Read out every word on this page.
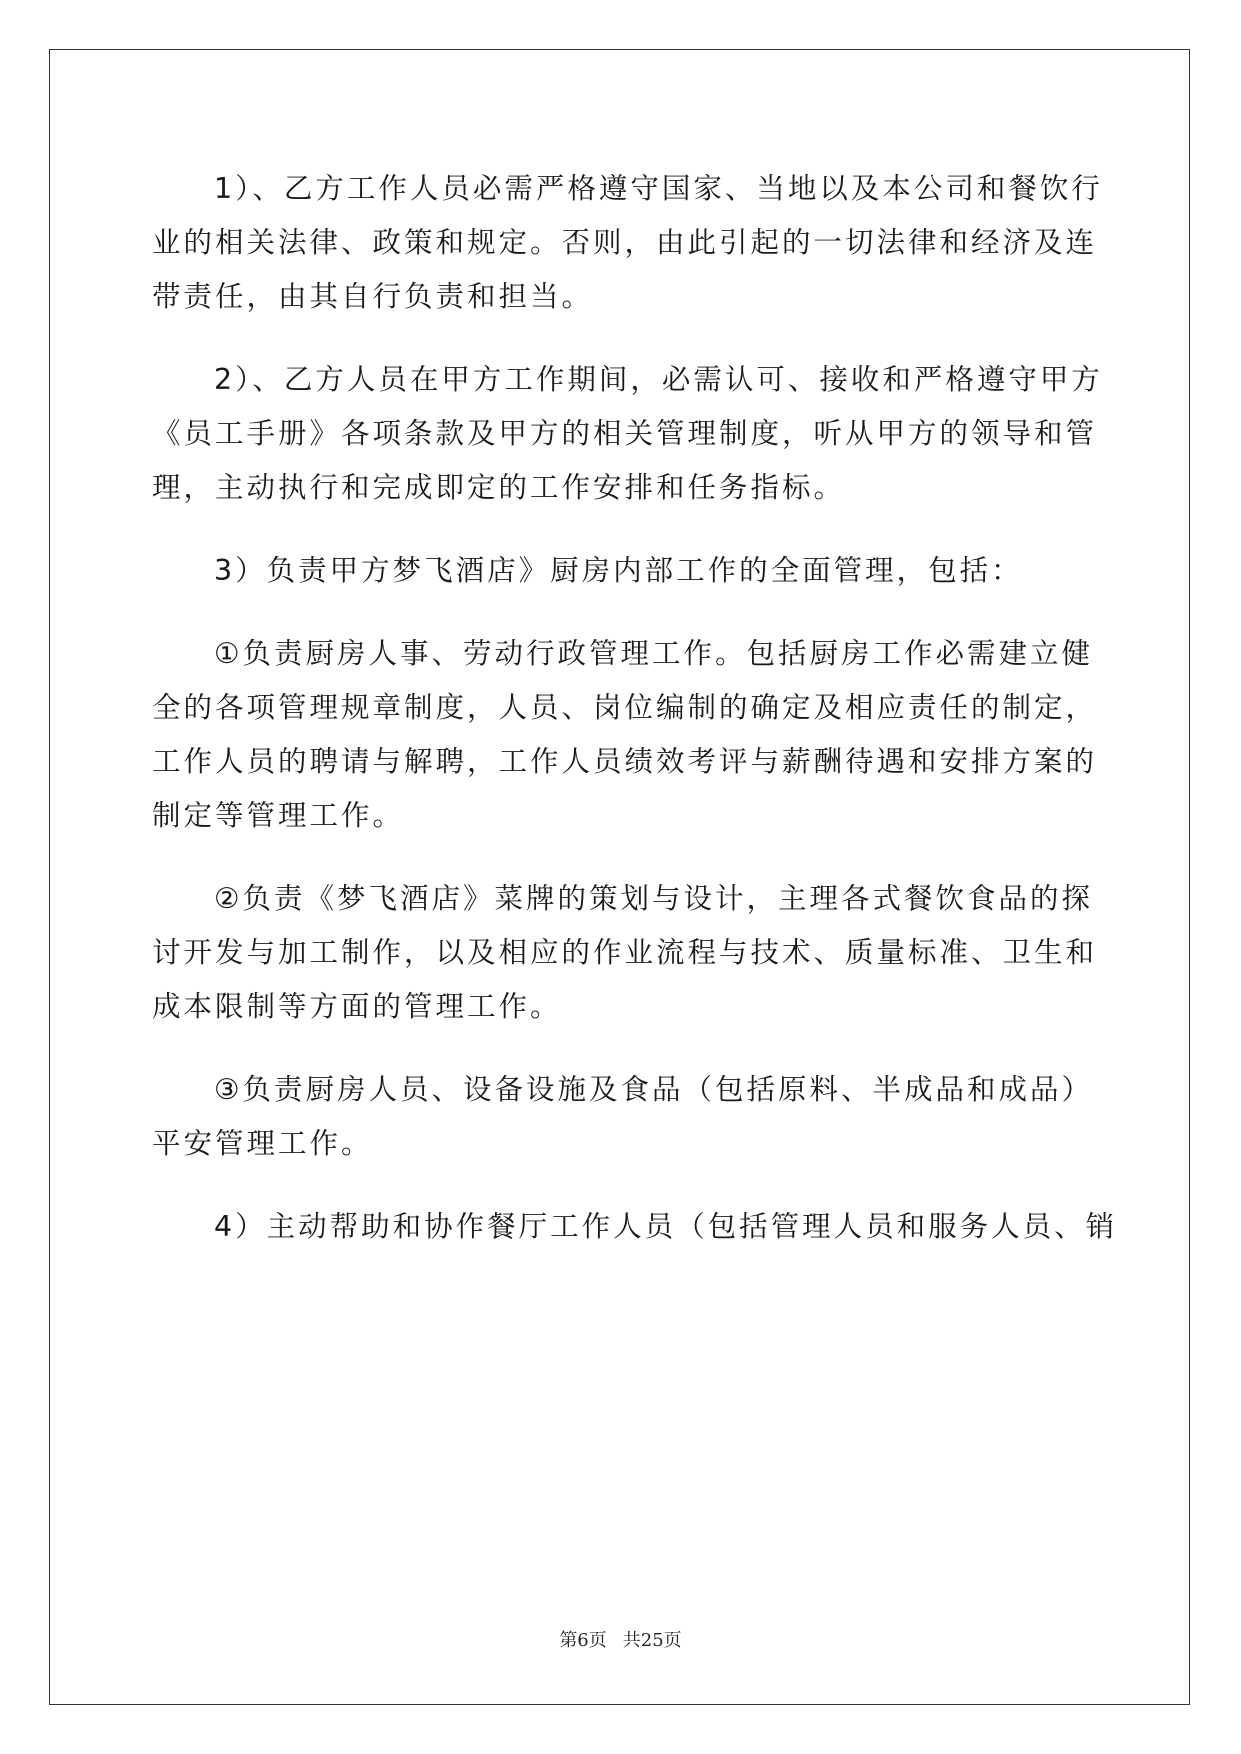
1）、乙方工作人员必需严格遵守国家、当地以及本公司和餐饮行
业的相关法律、政策和规定。否则，由此引起的一切法律和经济及连
带责任，由其自行负责和担当。

2）、乙方人员在甲方工作期间，必需认可、接收和严格遵守甲方
《员工手册》各项条款及甲方的相关管理制度，听从甲方的领导和管
理，主动执行和完成即定的工作安排和任务指标。

3）负责甲方梦飞酒店》厨房内部工作的全面管理，包括：

①负责厨房人事、劳动行政管理工作。包括厨房工作必需建立健
全的各项管理规章制度，人员、岗位编制的确定及相应责任的制定，
工作人员的聘请与解聘，工作人员绩效考评与薪酬待遇和安排方案的
制定等管理工作。

②负责《梦飞酒店》菜牌的策划与设计，主理各式餐饮食品的探
讨开发与加工制作，以及相应的作业流程与技术、质量标准、卫生和
成本限制等方面的管理工作。

③负责厨房人员、设备设施及食品（包括原料、半成品和成品）
平安管理工作。

4）主动帮助和协作餐厅工作人员（包括管理人员和服务人员、销

第6页 共25页
